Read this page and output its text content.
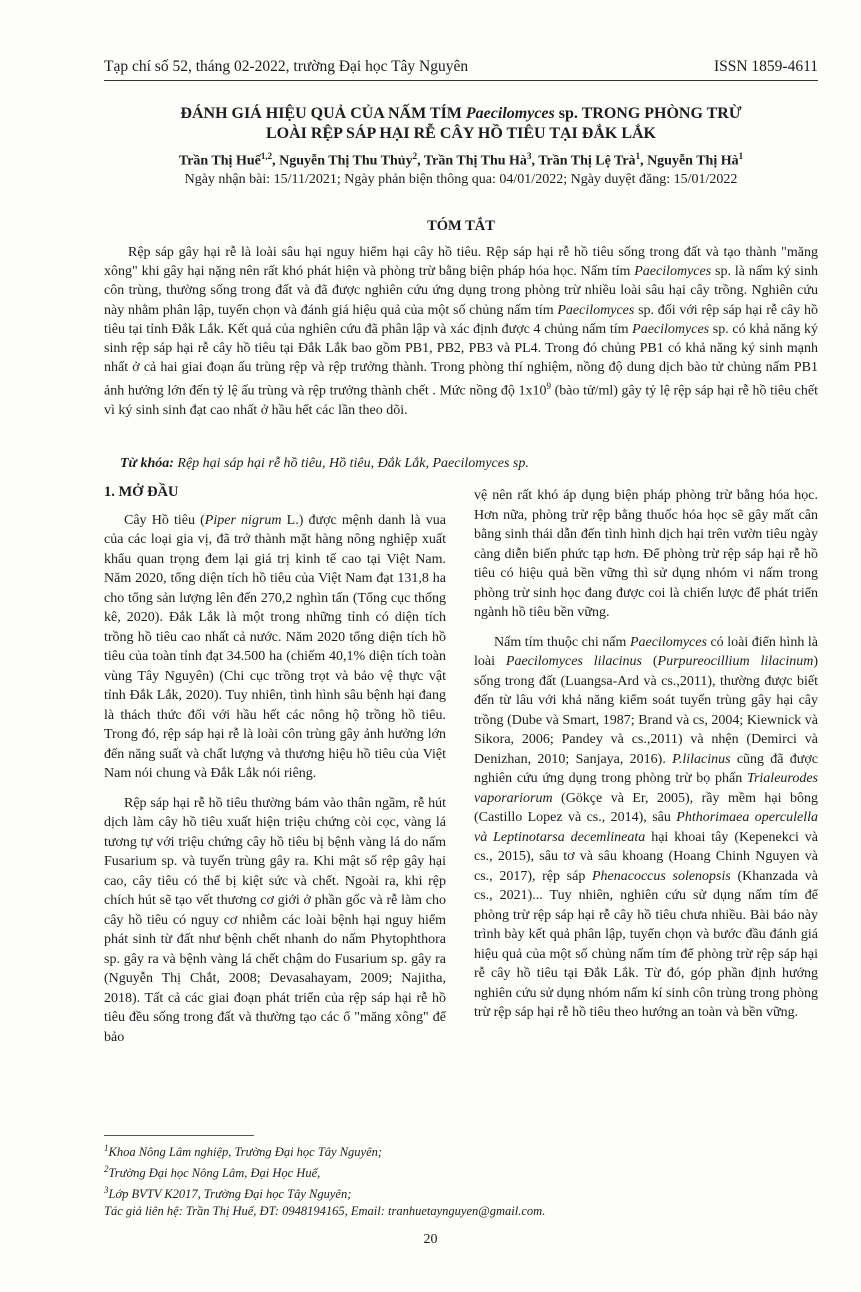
Tạp chí số 52, tháng 02-2022, trường Đại học Tây Nguyên	ISSN 1859-4611
ĐÁNH GIÁ HIỆU QUẢ CỦA NẤM TÍM Paecilomyces sp. TRONG PHÒNG TRỪ
LOÀI RỆP SÁP HẠI RỄ CÂY HỒ TIÊU TẠI ĐẮK LẮK
Trần Thị Huế$^{1,2}$, Nguyễn Thị Thu Thủy$^2$, Trần Thị Thu $Hà^3$, Trần Thị Lệ Trà$^1$, Nguyễn Thị $Hà^1$
Ngày nhận bài: 15/11/2021; Ngày phản biện thông qua: 04/01/2022; Ngày duyệt đăng: 15/01/2022
TÓM TẮT

Rệp sáp gây hại rễ là loài sâu hại nguy hiểm hại cây hồ tiêu. Rệp sáp hại rễ hồ tiêu sống trong đất và tạo thành "măng xông" khi gây hại nặng nên rất khó phát hiện và phòng trừ bằng biện pháp hóa học. Nấm tím Paecilomyces sp. là nấm ký sinh côn trùng, thường sống trong đất và đã được nghiên cứu ứng dụng trong phòng trừ nhiều loài sâu hại cây trồng. Nghiên cứu này nhằm phân lập, tuyển chọn và đánh giá hiệu quả của một số chủng nấm tím Paecilomyces sp. đối với rệp sáp hại rễ cây hồ tiêu tại tỉnh Đắk Lắk. Kết quả của nghiên cứu đã phân lập và xác định được 4 chủng nấm tím Paecilomyces sp. có khả năng ký sinh rệp sáp hại rễ cây hồ tiêu tại Đắk Lắk bao gồm PB1, PB2, PB3 và PL4. Trong đó chủng PB1 có khả năng ký sinh mạnh nhất ở cả hai giai đoạn ấu trùng rệp và rệp trưởng thành. Trong phòng thí nghiệm, nồng độ dung dịch bào tử chủng nấm PB1 ảnh hưởng lớn đến tỷ lệ ấu trùng và rệp trưởng thành chết . Mức nồng độ $1x10^9$ (bào tử/ml) gây tỷ lệ rệp sáp hại rễ hồ tiêu chết vì ký sinh sinh đạt cao nhất ở hầu hết các lần theo dõi.

Từ khóa: Rệp hại sáp hại rễ hồ tiêu, Hồ tiêu, Đắk Lắk, Paecilomyces sp.
1. MỞ ĐẦU

Cây Hồ tiêu (Piper nigrum L.) được mệnh danh là vua của các loại gia vị, đã trở thành mặt hàng nông nghiệp xuất khẩu quan trọng đem lại giá trị kinh tế cao tại Việt Nam. Năm 2020, tổng diện tích hồ tiêu của Việt Nam đạt 131,8 ha cho tổng sản lượng lên đến 270,2 nghìn tấn (Tổng cục thống kê, 2020). Đắk Lắk là một trong những tỉnh có diện tích trồng hồ tiêu cao nhất cả nước. Năm 2020 tổng diện tích hồ tiêu của toàn tỉnh đạt 34.500 ha (chiếm 40,1% diện tích toàn vùng Tây Nguyên) (Chi cục trồng trọt và bảo vệ thực vật tỉnh Đắk Lắk, 2020). Tuy nhiên, tình hình sâu bệnh hại đang là thách thức đối với hầu hết các nông hộ trồng hồ tiêu. Trong đó, rệp sáp hại rễ là loài côn trùng gây ảnh hưởng lớn đến năng suất và chất lượng và thương hiệu hồ tiêu của Việt Nam nói chung và Đắk Lắk nói riêng.

Rệp sáp hại rễ hồ tiêu thường bám vào thân ngầm, rễ hút dịch làm cây hồ tiêu xuất hiện triệu chứng còi cọc, vàng lá tương tự với triệu chứng cây hồ tiêu bị bệnh vàng lá do nấm Fusarium sp. và tuyến trùng gây ra. Khi mật số rệp gây hại cao, cây tiêu có thể bị kiệt sức và chết. Ngoài ra, khi rệp chích hút sẽ tạo vết thương cơ giới ở phần gốc và rễ làm cho cây hồ tiêu có nguy cơ nhiễm các loài bệnh hại nguy hiểm phát sinh từ đất như bệnh chết nhanh do nấm Phytophthora sp. gây ra và bệnh vàng lá chết chậm do Fusarium sp. gây ra (Nguyễn Thị Chắt, 2008; Devasahayam, 2009; Najitha, 2018). Tất cả các giai đoạn phát triển của rệp sáp hại rễ hồ tiêu đều sống trong đất và thường tạo các ổ "măng xông" để bảo

vệ nên rất khó áp dụng biện pháp phòng trừ bằng hóa học. Hơn nữa, phòng trừ rệp bằng thuốc hóa học sẽ gây mất cân bằng sinh thái dẫn đến tình hình dịch hại trên vườn tiêu ngày càng diễn biến phức tạp hơn. Để phòng trừ rệp sáp hại rễ hồ tiêu có hiệu quả bền vững thì sử dụng nhóm vi nấm trong phòng trừ sinh học đang được coi là chiến lược để phát triển ngành hồ tiêu bền vững.

Nấm tím thuộc chi nấm Paecilomyces có loài điển hình là loài Paecilomyces lilacinus (Purpureocillium lilacinum) sống trong đất (Luangsa-Ard và cs.,2011), thường được biết đến từ lâu với khả năng kiểm soát tuyến trùng gây hại cây trồng (Dube và Smart, 1987; Brand và cs, 2004; Kiewnick và Sikora, 2006; Pandey và cs.,2011) và nhện (Demirci và Denizhan, 2010; Sanjaya, 2016). P.lilacinus cũng đã được nghiên cứu ứng dụng trong phòng trừ bọ phấn Trialeurodes vaporariorum (Gökçe và Er, 2005), rầy mềm hại bông (Castillo Lopez và cs., 2014), sâu Phthorimaea operculella và Leptinotarsa decemlineata hại khoai tây (Kepenekci và cs., 2015), sâu tơ và sâu khoang (Hoang Chinh Nguyen và cs., 2017), rệp sáp Phenacoccus solenopsis (Khanzada và cs., 2021)... Tuy nhiên, nghiên cứu sử dụng nấm tím để phòng trừ rệp sáp hại rễ cây hồ tiêu chưa nhiều. Bài báo này trình bày kết quả phân lập, tuyển chọn và bước đầu đánh giá hiệu quả của một số chủng nấm tím để phòng trừ rệp sáp hại rễ cây hồ tiêu tại Đắk Lắk. Từ đó, góp phần định hướng nghiên cứu sử dụng nhóm nấm kí sinh côn trùng trong phòng trừ rệp sáp hại rễ hồ tiêu theo hướng an toàn và bền vững.

$^1$Khoa Nông Lâm nghiệp, Trường Đại học Tây Nguyên;
$^2$Trường Đại học Nông Lâm, Đại Học Huế,
$^3$Lớp BVTV K2017, Trường Đại học Tây Nguyên;
Tác giả liên hệ: Trần Thị Huế, ĐT: 0948194165, Email: tranhuetaynguyen@gmail.com.
20
